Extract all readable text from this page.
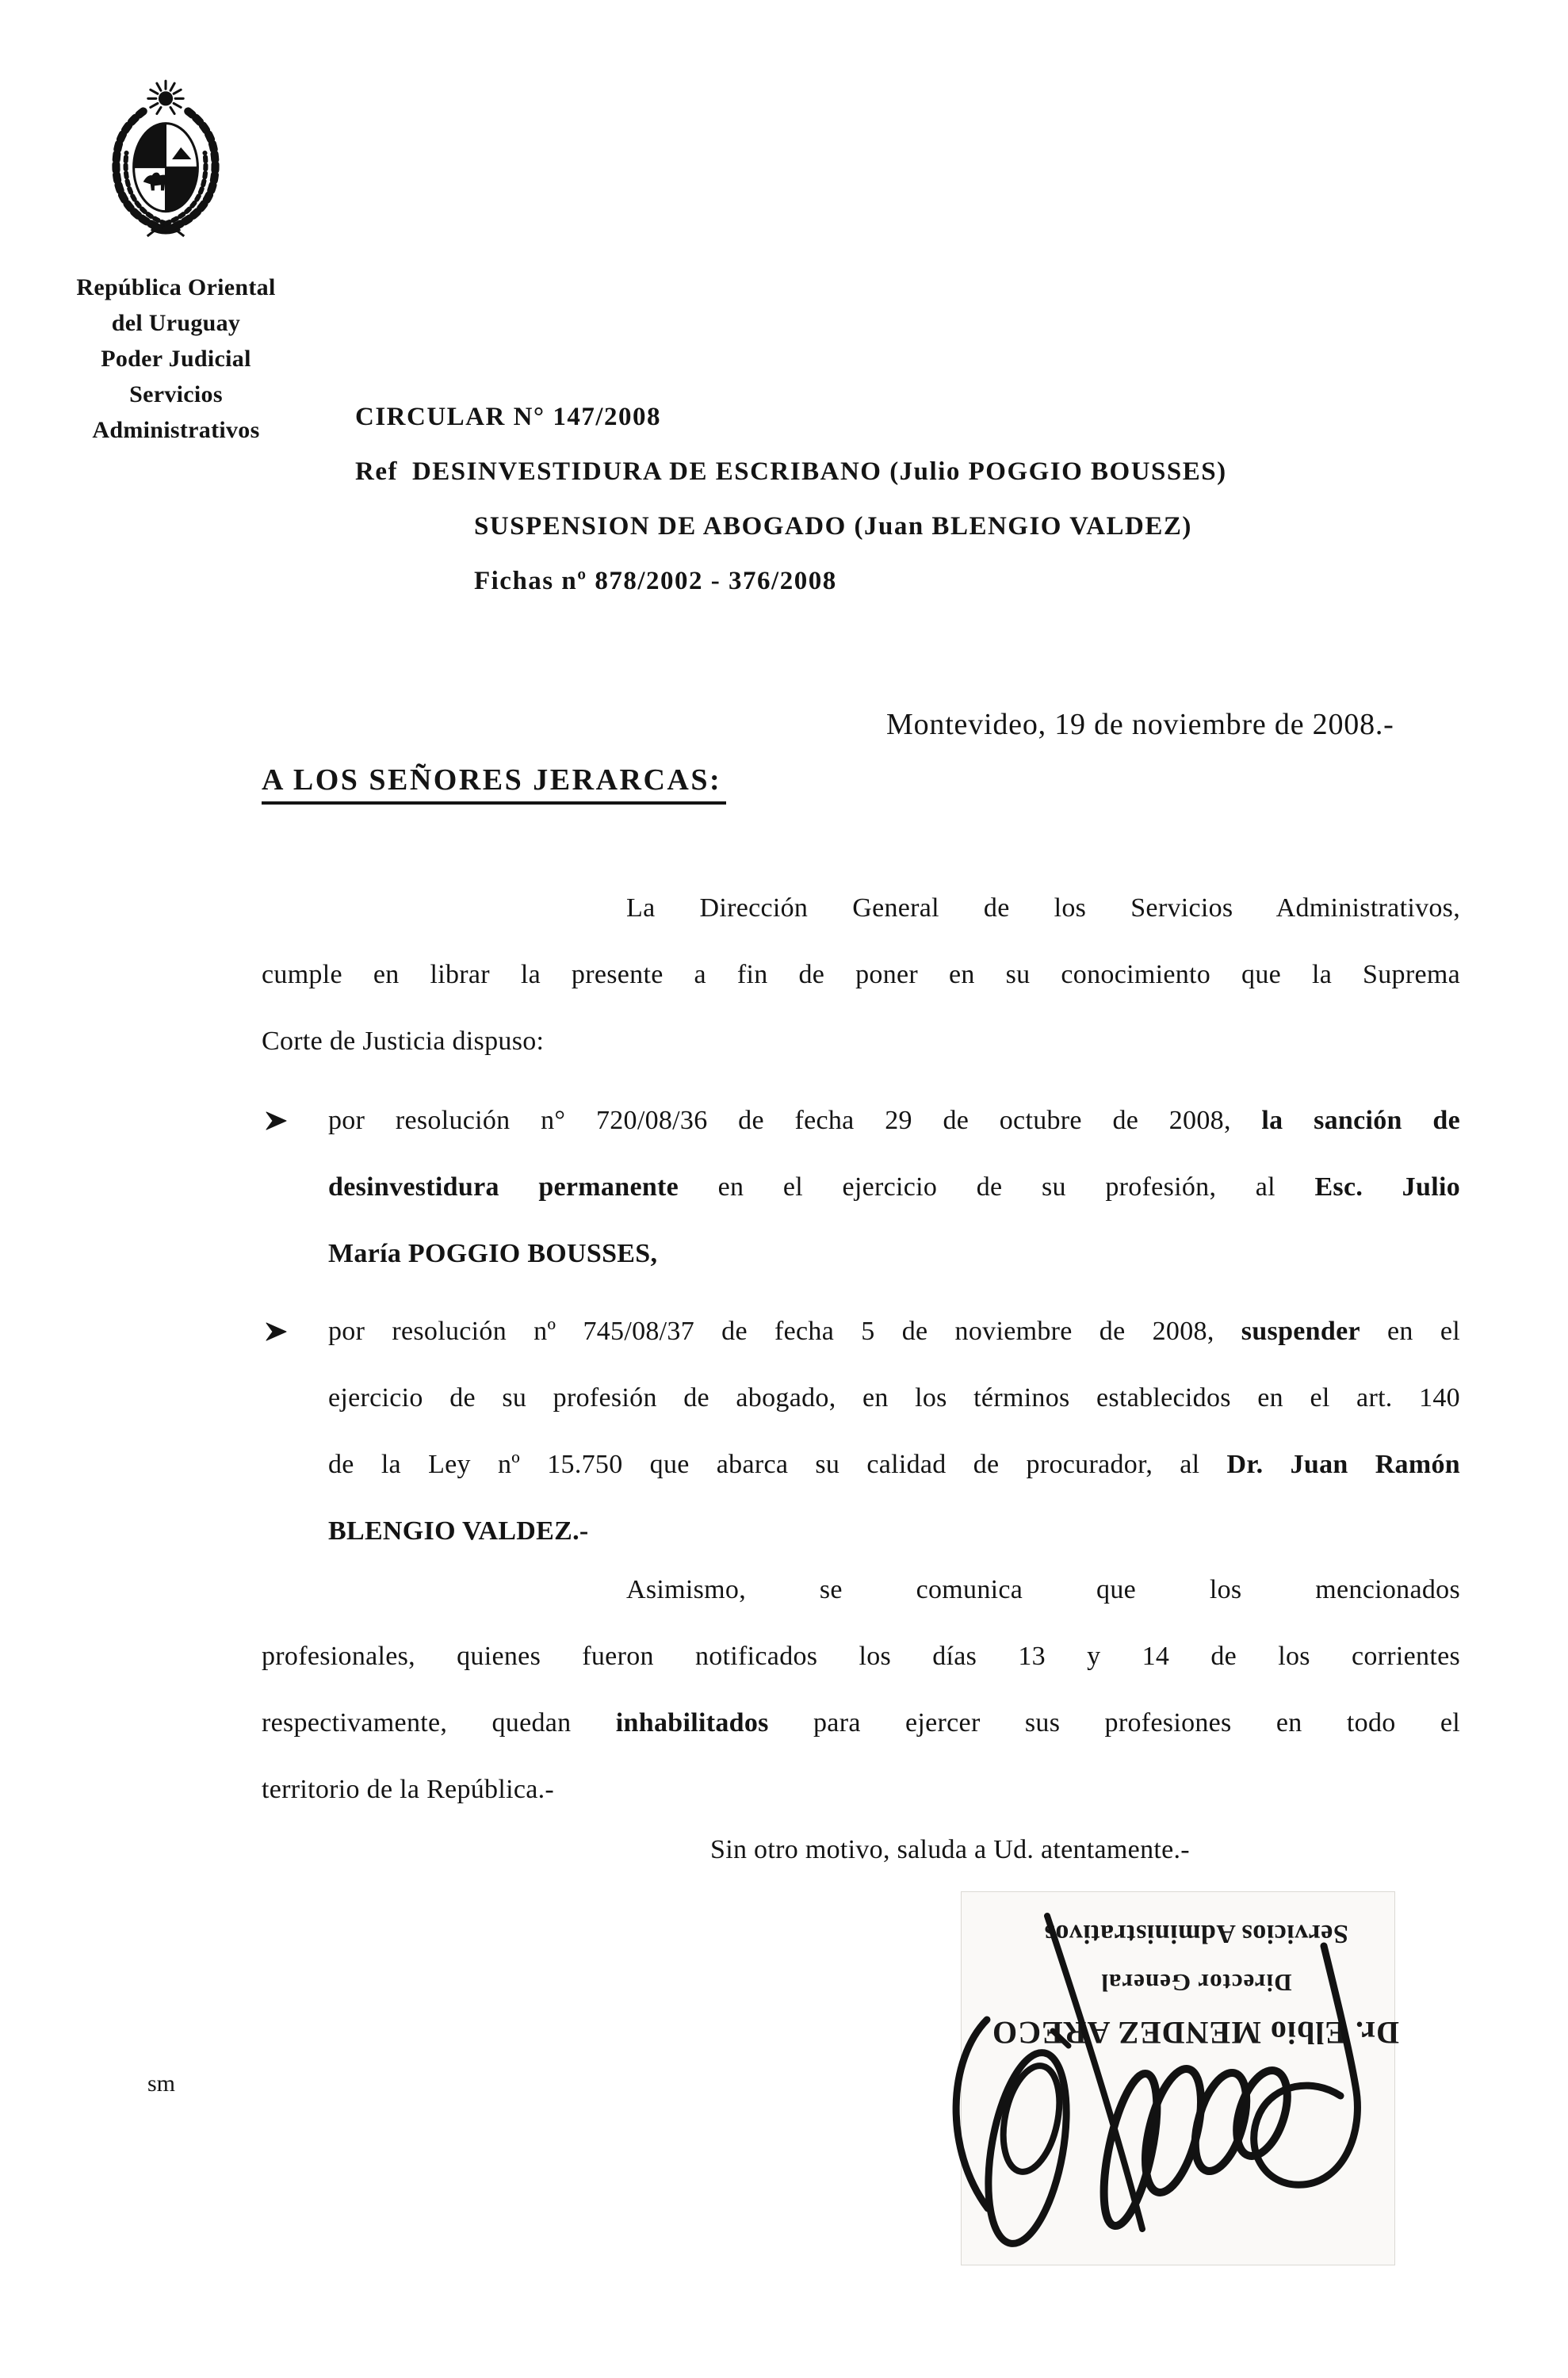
República Oriental
del Uruguay
Poder Judicial
Servicios
Administrativos	CIRCULAR N° 147/2008
Ref DESINVESTIDURA DE ESCRIBANO (Julio POGGIO BOUSSES)
SUSPENSION DE ABOGADO (Juan BLENGIO VALDEZ)
Fichas nº 878/2002 - 376/2008
Montevideo, 19 de noviembre de 2008.-
A LOS SEÑORES JERARCAS:
La Dirección General de los Servicios Administrativos,
cumple en librar la presente a fin de poner en su conocimiento que la Suprema
Corte de Justicia dispuso:
por resolución n° 720/08/36 de fecha 29 de octubre de 2008, la sanción de
desinvestidura permanente en el ejercicio de su profesión, al Esc. Julio
María POGGIO BOUSSES,
por resolución nº 745/08/37 de fecha 5 de noviembre de 2008, suspender en el
ejercicio de su profesión de abogado, en los términos establecidos en el art. 140
de la Ley nº 15.750 que abarca su calidad de procurador, al Dr. Juan Ramón
BLENGIO VALDEZ.-
Asimismo, se comunica que los mencionados
profesionales, quienes fueron notificados los días 13 y 14 de los corrientes
respectivamente, quedan inhabilitados para ejercer sus profesiones en todo el
territorio de la República.-
Sin otro motivo, saluda a Ud. atentamente.-
Dr. Elbio MENDEZ ARECO
Director General
Servicios Administrativos
sm
